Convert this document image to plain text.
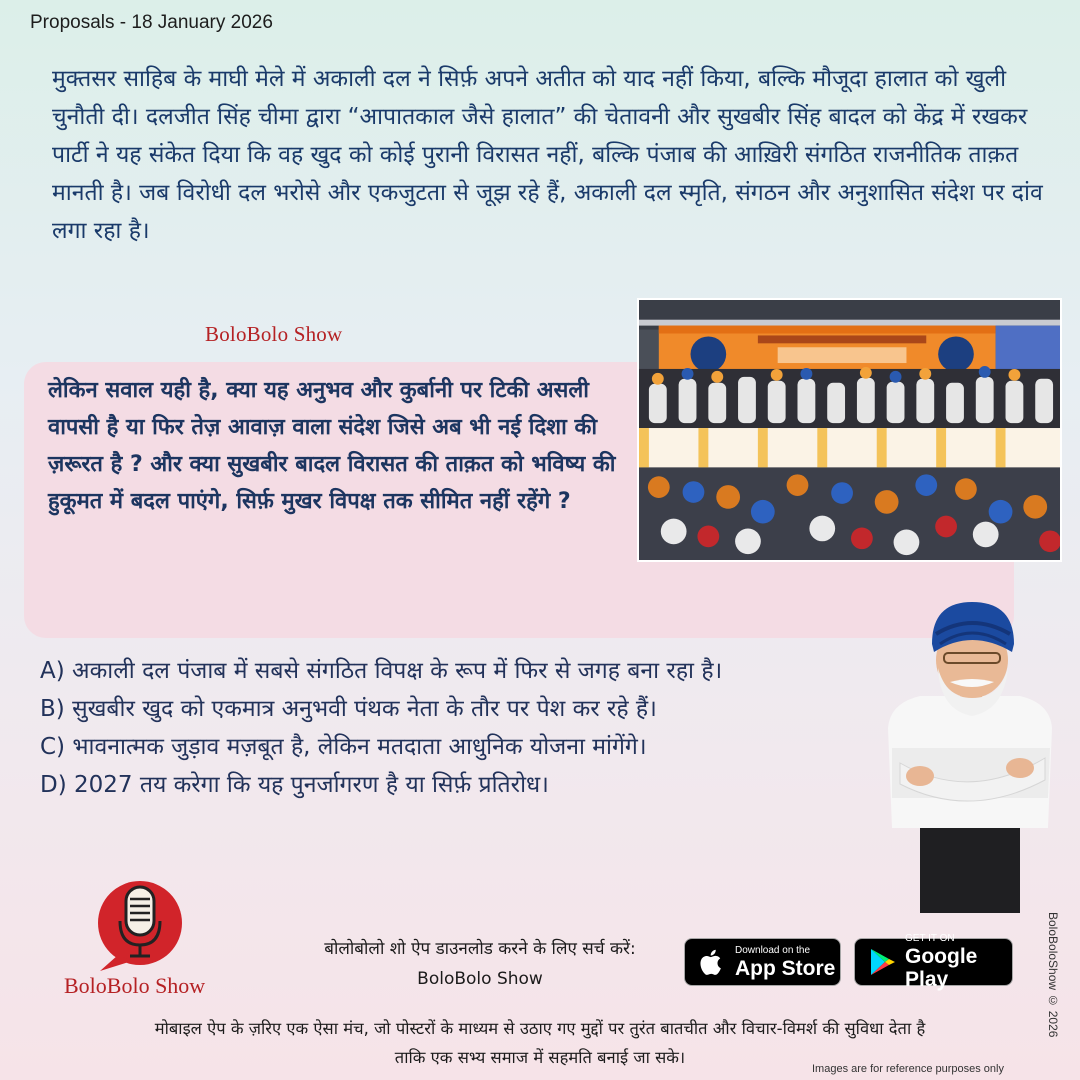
Proposals - 18 January 2026

मुक्तसर साहिब के माघी मेले में अकाली दल ने सिर्फ़ अपने अतीत को याद नहीं किया, बल्कि मौजूदा हालात को खुली चुनौती दी। दलजीत सिंह चीमा द्वारा “आपातकाल जैसे हालात” की चेतावनी और सुखबीर सिंह बादल को केंद्र में रखकर पार्टी ने यह संकेत दिया कि वह खुद को कोई पुरानी विरासत नहीं, बल्कि पंजाब की आख़िरी संगठित राजनीतिक ताक़त मानती है। जब विरोधी दल भरोसे और एकजुटता से जूझ रहे हैं, अकाली दल स्मृति, संगठन और अनुशासित संदेश पर दांव लगा रहा है।

BoloBolo Show

लेकिन सवाल यही है, क्या यह अनुभव और कुर्बानी पर टिकी असली वापसी है या फिर तेज़ आवाज़ वाला संदेश जिसे अब भी नई दिशा की ज़रूरत है ? और क्या सुखबीर बादल विरासत की ताक़त को भविष्य की हुकूमत में बदल पाएंगे, सिर्फ़ मुखर विपक्ष तक सीमित नहीं रहेंगे ?

A) अकाली दल पंजाब में सबसे संगठित विपक्ष के रूप में फिर से जगह बना रहा है।
B) सुखबीर खुद को एकमात्र अनुभवी पंथक नेता के तौर पर पेश कर रहे हैं।
C) भावनात्मक जुड़ाव मज़बूत है, लेकिन मतदाता आधुनिक योजना मांगेंगे।
D) 2027 तय करेगा कि यह पुनर्जागरण है या सिर्फ़ प्रतिरोध।
BoloBoloShow © 2026
BoloBolo Show
बोलोबोलो शो ऐप डाउनलोड करने के लिए सर्च करें:
BoloBolo Show
Download on the
App Store
GET IT ON
Google Play

मोबाइल ऐप के ज़रिए एक ऐसा मंच, जो पोस्टरों के माध्यम से उठाए गए मुद्दों पर तुरंत बातचीत और विचार-विमर्श की सुविधा देता है
ताकि एक सभ्य समाज में सहमति बनाई जा सके।

Images are for reference purposes only
